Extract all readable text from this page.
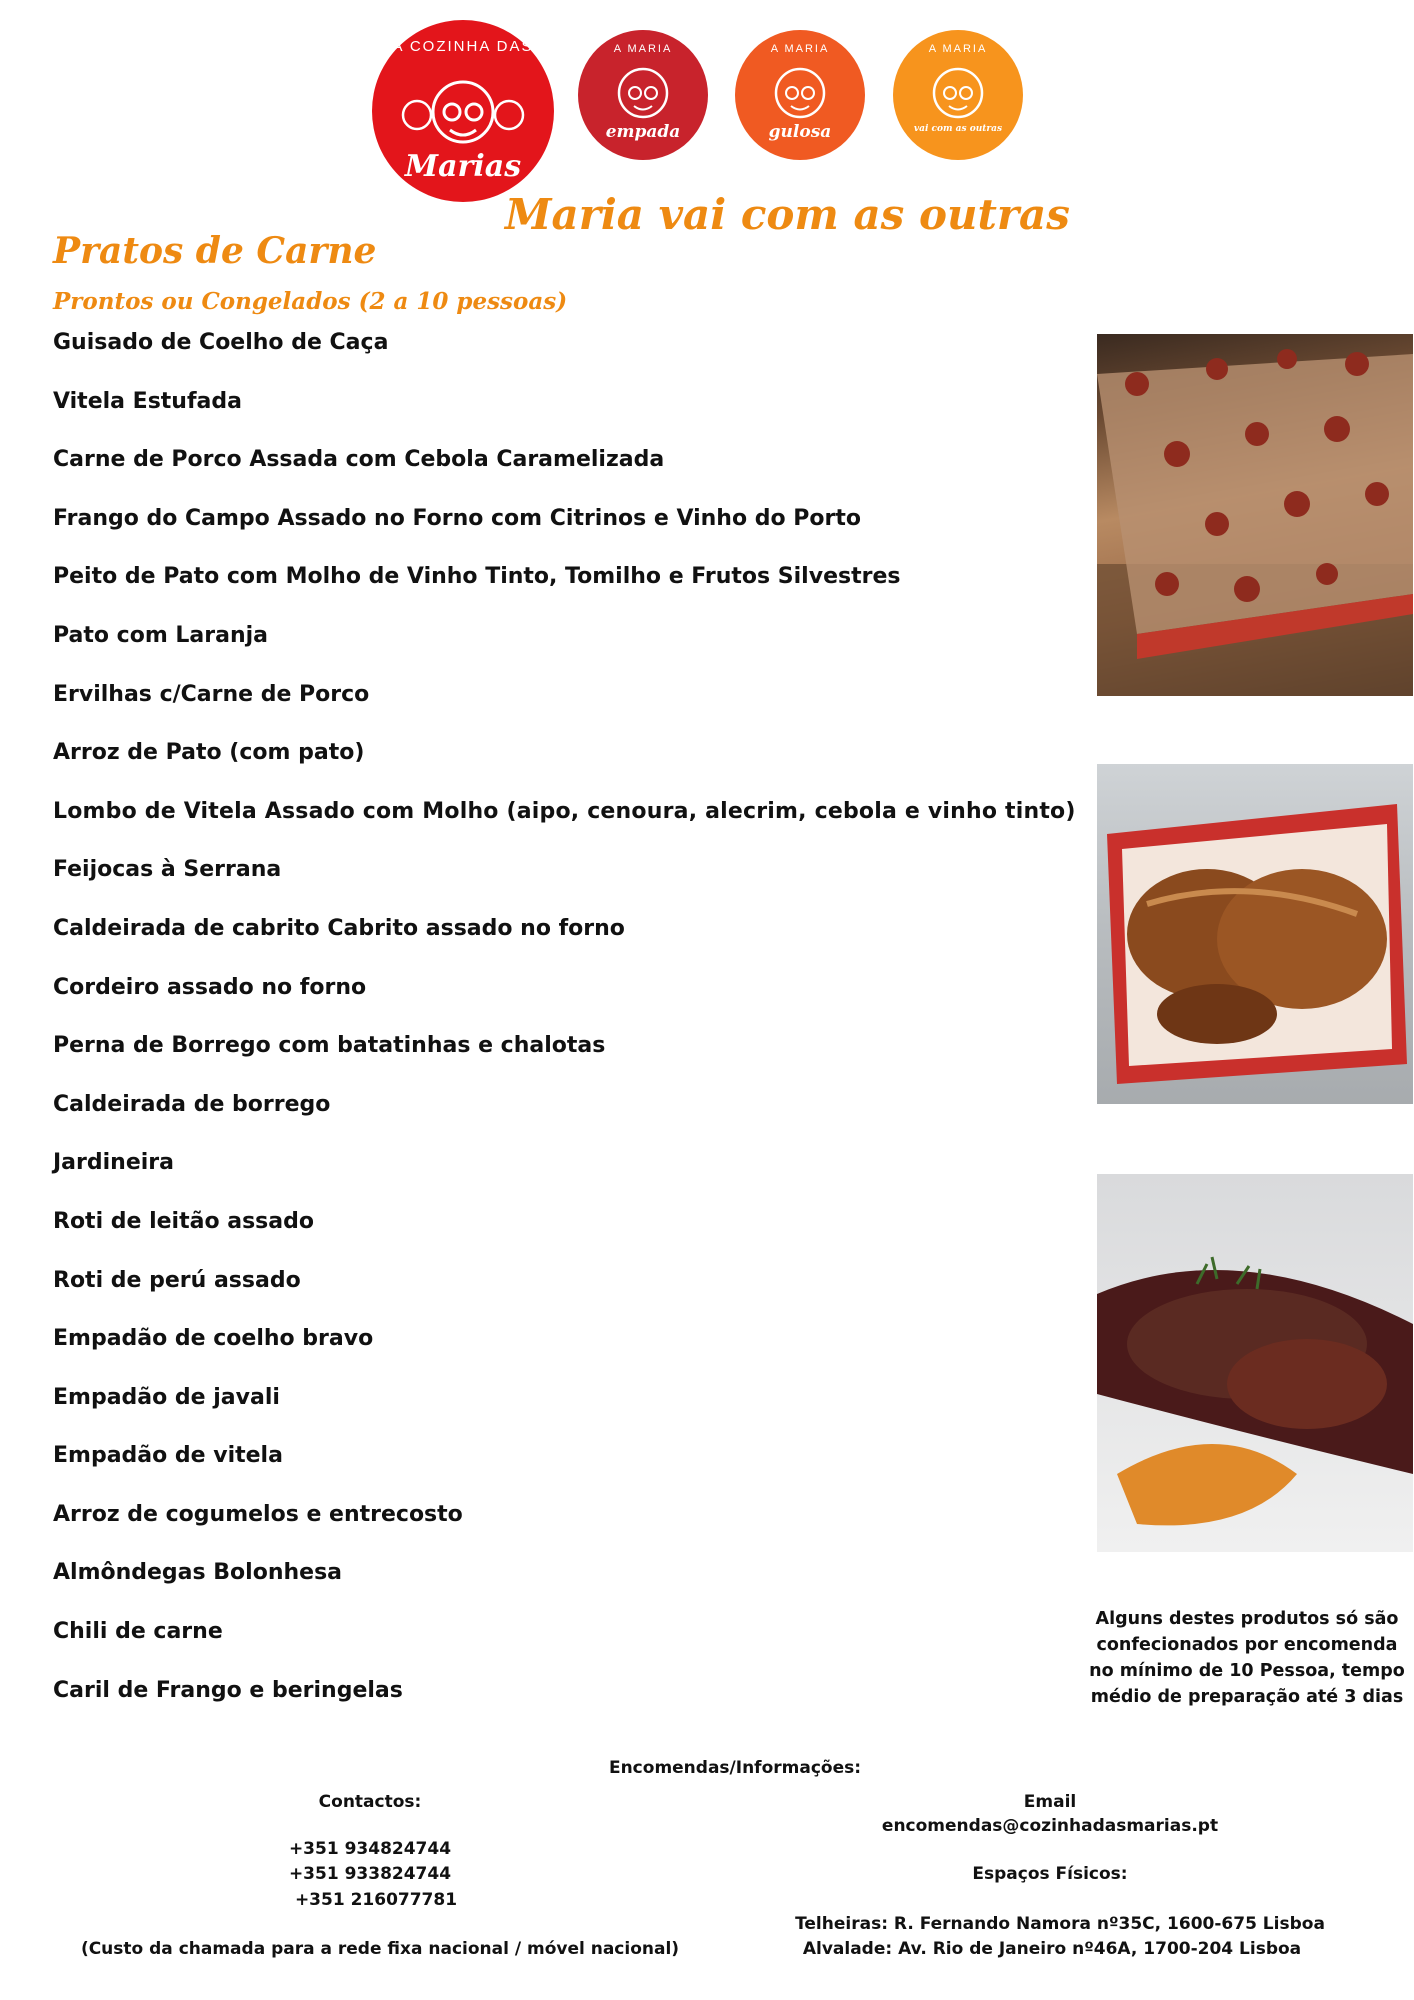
A COZINHA DAS
Marias
A MARIA
empada
A MARIA
gulosa
A MARIA
vai com as outras
Maria vai com as outras
Pratos de Carne
Prontos ou Congelados (2 a 10 pessoas)
Guisado de Coelho de Caça
Vitela Estufada
Carne de Porco Assada com Cebola Caramelizada
Frango do Campo Assado no Forno com Citrinos e Vinho do Porto
Peito de Pato com Molho de Vinho Tinto, Tomilho e Frutos Silvestres
Pato com Laranja
Ervilhas c/Carne de Porco
Arroz de Pato (com pato)
Lombo de Vitela Assado com Molho (aipo, cenoura, alecrim, cebola e vinho tinto)
Feijocas à Serrana
Caldeirada de cabrito Cabrito assado no forno
Cordeiro assado no forno
Perna de Borrego com batatinhas e chalotas
Caldeirada de borrego
Jardineira
Roti de leitão assado
Roti de perú assado
Empadão de coelho bravo
Empadão de javali
Empadão de vitela
Arroz de cogumelos e entrecosto
Almôndegas Bolonhesa
Chili de carne
Caril de Frango e beringelas
Alguns destes produtos só são confecionados por encomenda no mínimo de 10 Pessoa, tempo médio de preparação até 3 dias
Encomendas/Informações:
Contactos:
+351 934824744
+351 933824744
+351 216077781
(Custo da chamada para a rede fixa nacional / móvel nacional)
Email
encomendas@cozinhadasmarias.pt
Espaços Físicos:
Telheiras: R. Fernando Namora nº35C, 1600-675 Lisboa
Alvalade: Av. Rio de Janeiro nº46A, 1700-204 Lisboa
